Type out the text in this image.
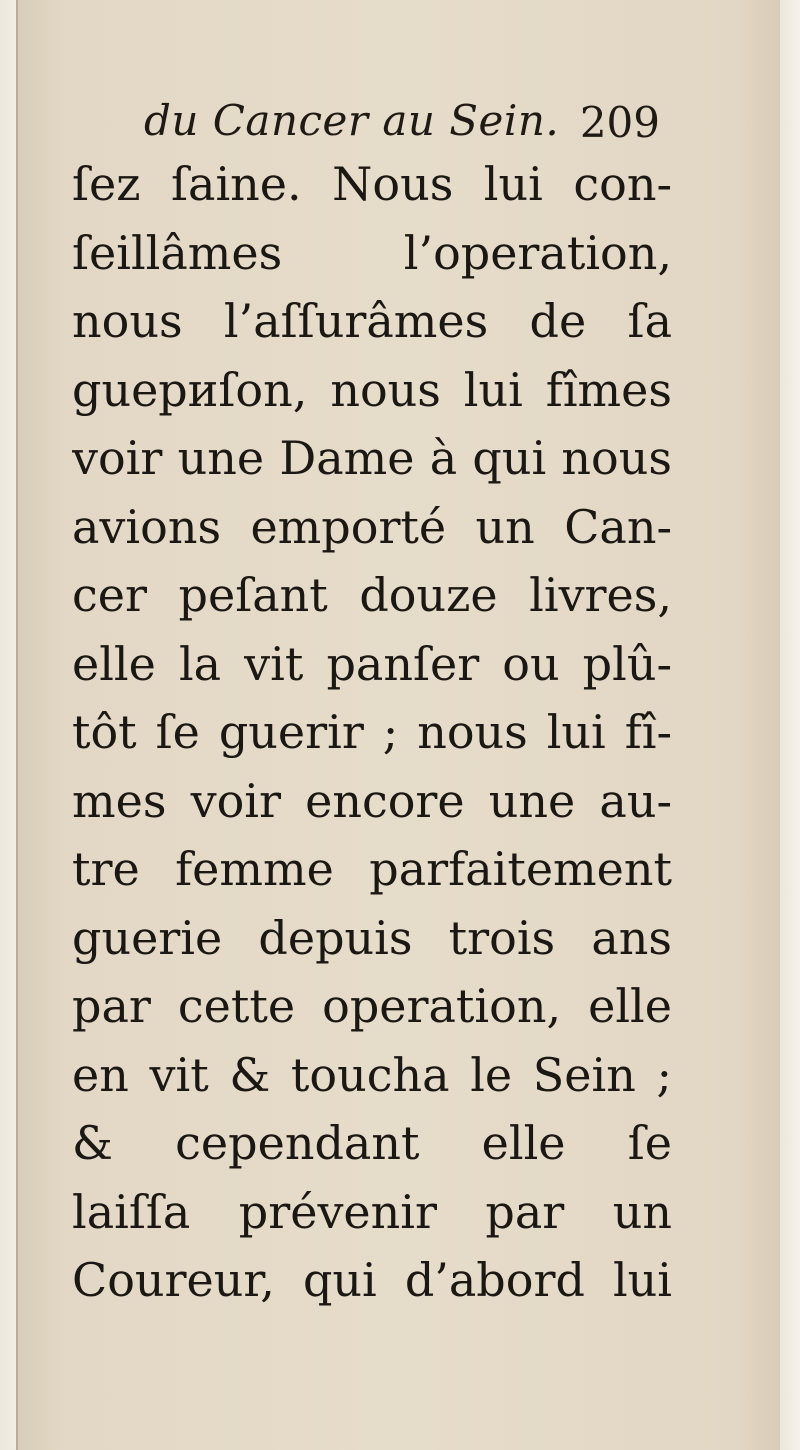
du Cancer au Sein. 209
ſez ſaine. Nous lui con-
ſeillâmes l’operation,
nous l’aſſurâmes de ſa
guериſon, nous lui fîmes
voir une Dame à qui nous
avions emporté un Can-
cer peſant douze livres,
elle la vit panſer ou plû-
tôt ſe guerir ; nous lui fî-
mes voir encore une au-
tre femme parfaitement
guerie depuis trois ans
par cette operation, elle
en vit & toucha le Sein ;
& cependant elle ſe
laiſſa prévenir par un
Coureur, qui d’abord lui
